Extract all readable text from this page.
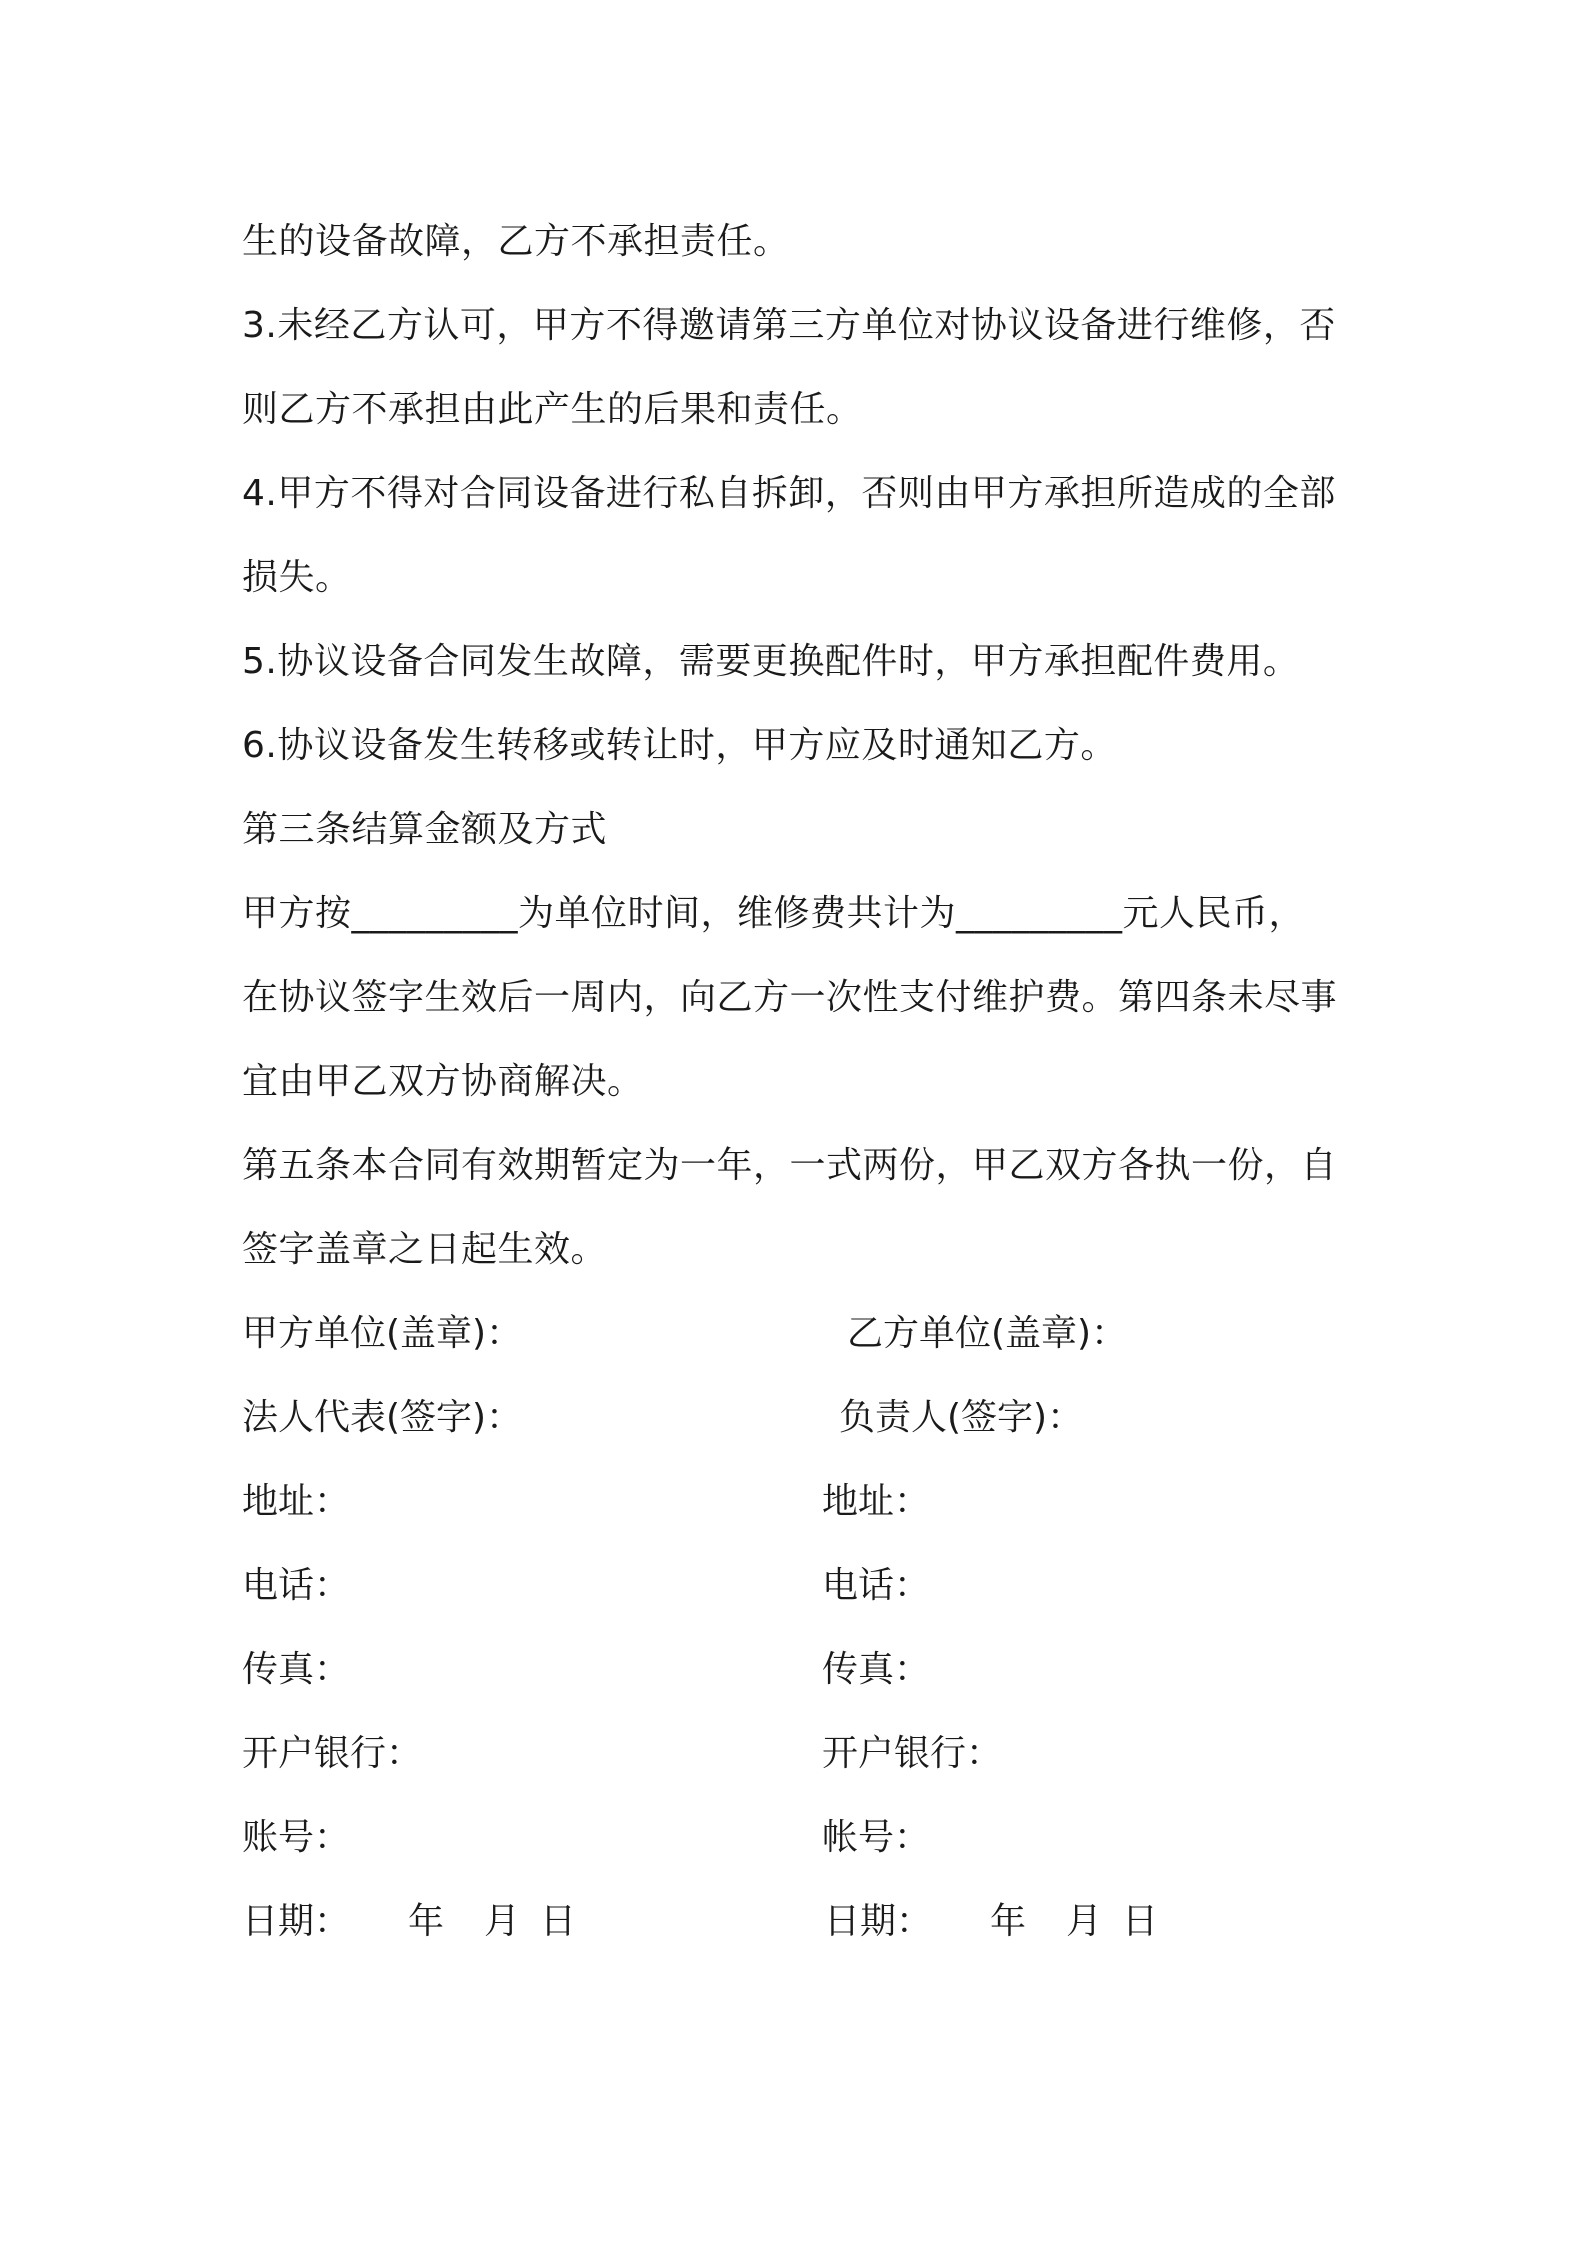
生的设备故障，乙方不承担责任。
3.未经乙方认可，甲方不得邀请第三方单位对协议设备进行维修，否
则乙方不承担由此产生的后果和责任。
4.甲方不得对合同设备进行私自拆卸，否则由甲方承担所造成的全部
损失。
5.协议设备合同发生故障，需要更换配件时，甲方承担配件费用。
6.协议设备发生转移或转让时，甲方应及时通知乙方。
第三条结算金额及方式
甲方按_________为单位时间，维修费共计为_________元人民币，
在协议签字生效后一周内，向乙方一次性支付维护费。第四条未尽事
宜由甲乙双方协商解决。
第五条本合同有效期暂定为一年，一式两份，甲乙双方各执一份，自
签字盖章之日起生效。
甲方单位(盖章)：	乙方单位(盖章)：
法人代表(签字)：	负责人(签字)：
地址：	地址：
电话：	电话：
传真：	传真：
开户银行：	开户银行：
账号：	帐号：
日期： 年 月 日	日期： 年 月 日
